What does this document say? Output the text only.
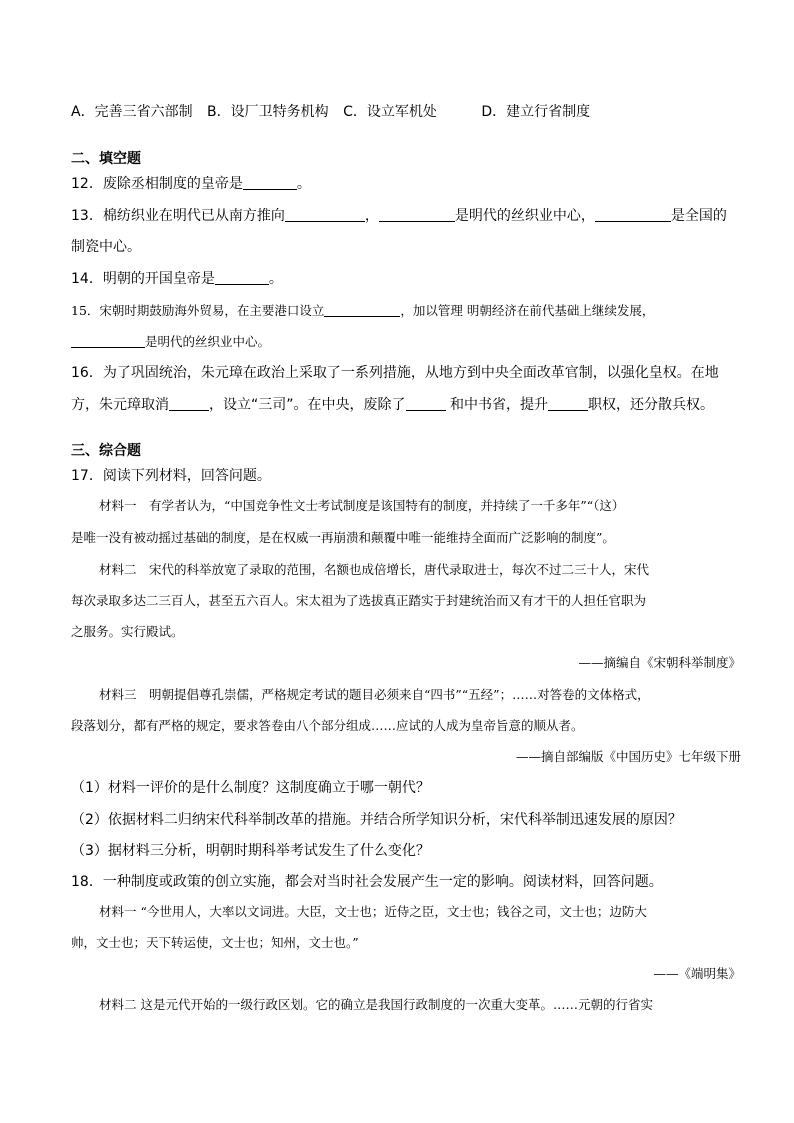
A．完善三省六部制 B．设厂卫特务机构 C．设立军机处	D．建立行省制度
二、填空题
12．废除丞相制度的皇帝是	。
13．棉纺织业在明代已从南方推向	，	是明代的丝织业中心，	是全国的
制瓷中心。
14．明朝的开国皇帝是	。
15．宋朝时期鼓励海外贸易，在主要港口设立	，加以管理 明朝经济在前代基础上继续发展，
是明代的丝织业中心。
16．为了巩固统治，朱元璋在政治上采取了一系列措施，从地方到中央全面改革官制，以强化皇权。在地
方，朱元璋取消	，设立“三司”。在中央，废除了	和中书省，提升	职权，还分散兵权。
三、综合题
17．阅读下列材料，回答问题。
材料一　有学者认为，“中国竞争性文士考试制度是该国特有的制度，并持续了一千多年”“（这）
是唯一没有被动摇过基础的制度，是在权威一再崩溃和颠覆中唯一能维持全面而广泛影响的制度”。
材料二　宋代的科举放宽了录取的范围，名额也成倍增长，唐代录取进士，每次不过二三十人，宋代
每次录取多达二三百人，甚至五六百人。宋太祖为了选拔真正踏实于封建统治而又有才干的人担任官职为
之服务。实行殿试。
——摘编自《宋朝科举制度》
材料三　明朝提倡尊孔崇儒，严格规定考试的题目必须来自“四书”“五经”；……对答卷的文体格式，
段落划分，都有严格的规定，要求答卷由八个部分组成……应试的人成为皇帝旨意的顺从者。
——摘自部编版《中国历史》七年级下册
（1）材料一评价的是什么制度？这制度确立于哪一朝代？
（2）依据材料二归纳宋代科举制改革的措施。并结合所学知识分析，宋代科举制迅速发展的原因？
（3）据材料三分析，明朝时期科举考试发生了什么变化？
18．一种制度或政策的创立实施，都会对当时社会发展产生一定的影响。阅读材料，回答问题。
材料一 “今世用人，大率以文词进。大臣，文士也；近侍之臣，文士也；钱谷之司，文士也；边防大
帅，文士也；天下转运使，文士也；知州，文士也。”
——《端明集》
材料二 这是元代开始的一级行政区划。它的确立是我国行政制度的一次重大变革。……元朝的行省实
